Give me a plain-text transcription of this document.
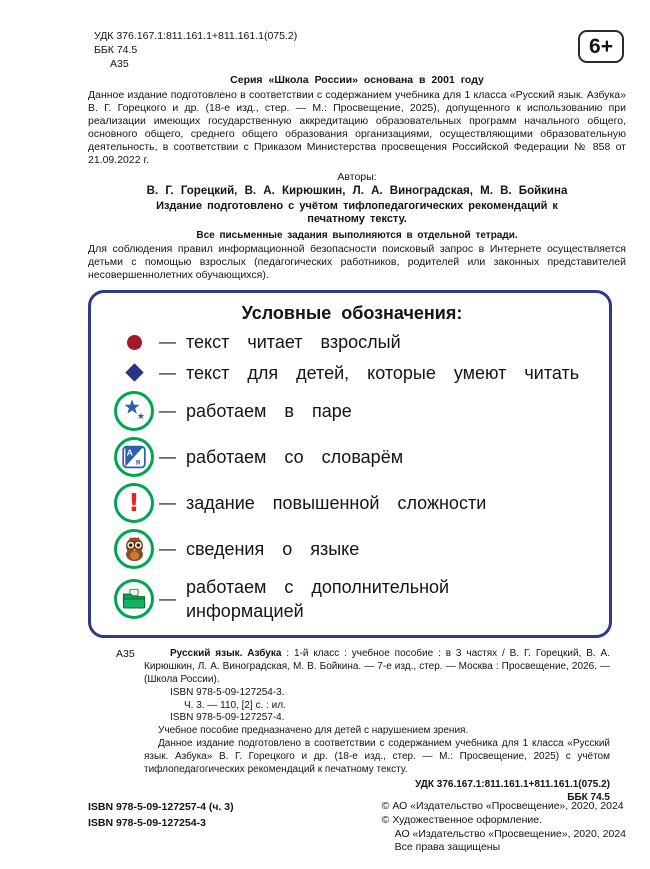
УДК 376.167.1:811.161.1+811.161.1(075.2)
ББК 74.5
А35
6+

Серия «Школа России» основана в 2001 году

Данное издание подготовлено в соответствии с содержанием учебника для 1 класса «Русский язык. Азбука» В. Г. Горецкого и др. (18-е изд., стер. — М.: Просвещение, 2025), допущенного к использованию при реализации имеющих государственную аккредитацию образовательных программ начального общего, основного общего, среднего общего образования организациями, осуществляющими образовательную деятельность, в соответствии с Приказом Министерства просвещения Российской Федерации № 858 от 21.09.2022 г.

Авторы:

В. Г. Горецкий, В. А. Кирюшкин, Л. А. Виноградская, М. В. Бойкина

Издание подготовлено с учётом тифлопедагогических рекомендаций к печатному тексту.

Все письменные задания выполняются в отдельной тетради.

Для соблюдения правил информационной безопасности поисковый запрос в Интернете осуществляется детьми с помощью взрослых (педагогических работников, родителей или законных представителей несовершеннолетних обучающихся).

Условные обозначения:
— текст читает взрослый
— текст для детей, которые умеют читать
— работаем в паре
А
я — работаем со словарём
! — задание повышенной сложности
— сведения о языке
—
работаем с дополнительной информацией
А35	Русский язык. Азбука : 1-й класс : учебное пособие : в 3 частях / В. Г. Горецкий, В. А. Кирюшкин, Л. А. Виноградская, М. В. Бойкина. — 7-е изд., стер. — Москва : Просвещение, 2026. — (Школа России).

ISBN 978-5-09-127254-3.
Ч. 3. — 110, [2] с. : ил.
ISBN 978-5-09-127257-4.

Учебное пособие предназначено для детей с нарушением зрения.

Данное издание подготовлено в соответствии с содержанием учебника для 1 класса «Русский язык. Азбука» В. Г. Горецкого и др. (18-е изд., стер. — М.: Просвещение, 2025) с учётом тифлопедагогических рекомендаций к печатному тексту.

УДК 376.167.1:811.161.1+811.161.1(075.2)
ББК 74.5
ISBN 978-5-09-127257-4 (ч. 3)
ISBN 978-5-09-127254-3
© АО «Издательство «Просвещение», 2020, 2024
© Художественное оформление.
АО «Издательство «Просвещение», 2020, 2024
Все права защищены
